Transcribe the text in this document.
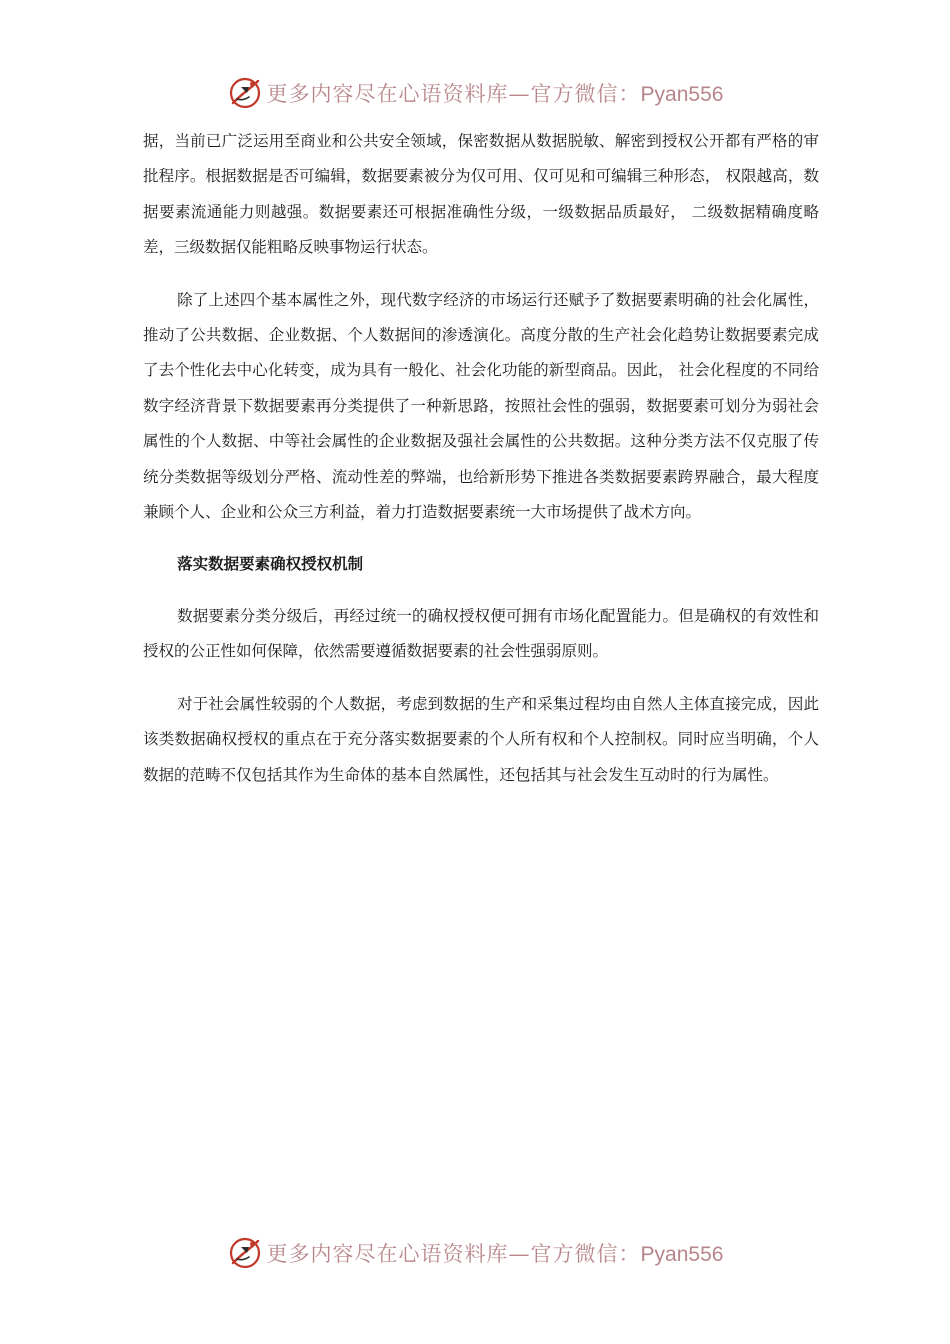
更多内容尽在心语资料库—官方微信：Pyan556

据，当前已广泛运用至商业和公共安全领域，保密数据从数据脱敏、解密到授权公开都有严格的审批程序。根据数据是否可编辑，数据要素被分为仅可用、仅可见和可编辑三种形态， 权限越高，数据要素流通能力则越强。数据要素还可根据准确性分级，一级数据品质最好， 二级数据精确度略差，三级数据仅能粗略反映事物运行状态。

除了上述四个基本属性之外，现代数字经济的市场运行还赋予了数据要素明确的社会化属性，推动了公共数据、企业数据、个人数据间的渗透演化。高度分散的生产社会化趋势让数据要素完成了去个性化去中心化转变，成为具有一般化、社会化功能的新型商品。因此， 社会化程度的不同给数字经济背景下数据要素再分类提供了一种新思路，按照社会性的强弱，数据要素可划分为弱社会属性的个人数据、中等社会属性的企业数据及强社会属性的公共数据。这种分类方法不仅克服了传统分类数据等级划分严格、流动性差的弊端，也给新形势下推进各类数据要素跨界融合，最大程度兼顾个人、企业和公众三方利益，着力打造数据要素统一大市场提供了战术方向。

落实数据要素确权授权机制

数据要素分类分级后，再经过统一的确权授权便可拥有市场化配置能力。但是确权的有效性和授权的公正性如何保障，依然需要遵循数据要素的社会性强弱原则。

对于社会属性较弱的个人数据，考虑到数据的生产和采集过程均由自然人主体直接完成，因此该类数据确权授权的重点在于充分落实数据要素的个人所有权和个人控制权。同时应当明确，个人数据的范畴不仅包括其作为生命体的基本自然属性，还包括其与社会发生互动时的行为属性。

更多内容尽在心语资料库—官方微信：Pyan556
